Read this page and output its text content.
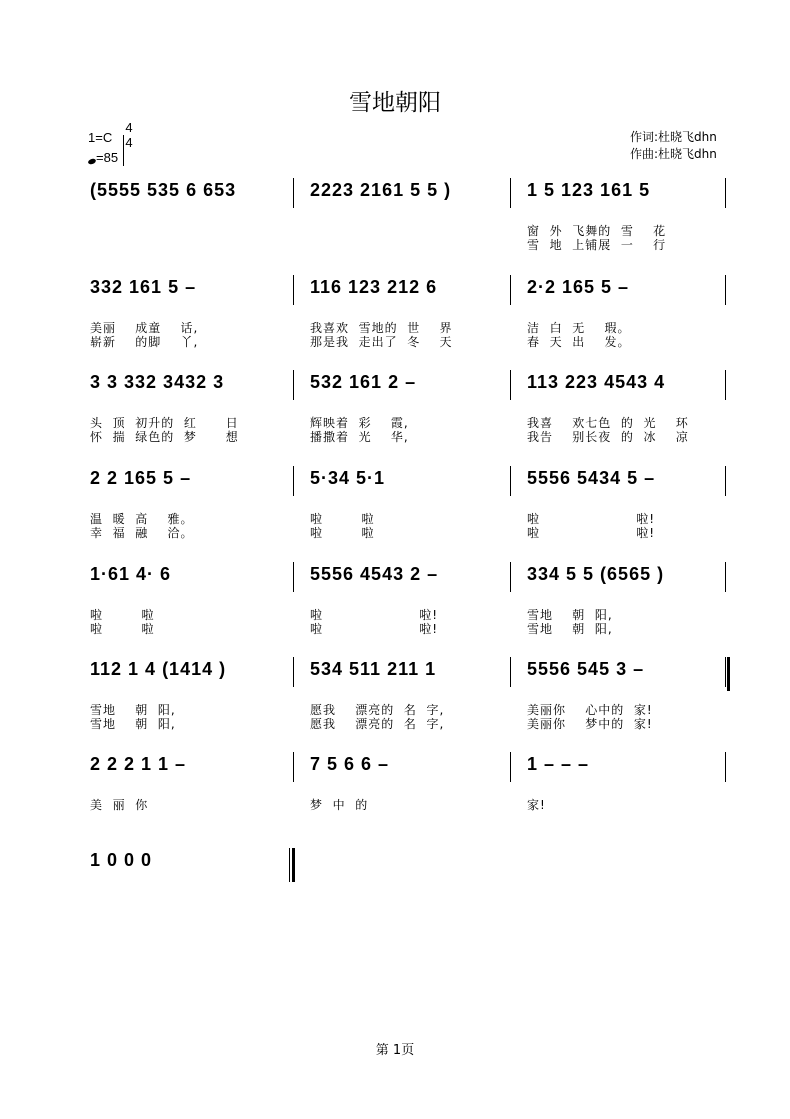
雪地朝阳
1=C
4
4
=85
作词:杜晓飞dhn
作曲:杜晓飞dhn
(5555 535 6 653	2223 2161 5 5 )	1 5 123 161 5
窗  外  飞舞的  雪    花
雪  地  上铺展  一    行
332 161 5 –
美丽    成童    话,
崭新    的脚    丫,
116 123 212 6
我喜欢  雪地的  世    界
那是我  走出了  冬    天
2·2 165 5 –
洁  白  无    瑕。
春  天  出    发。
3 3 332 3432 3
头  顶  初升的  红      日
怀  揣  绿色的  梦      想
532 161 2 –
辉映着  彩    霞,
播撒着  光    华,
113 223 4543 4
我喜    欢七色  的  光    环
我告    别长夜  的  冰    凉
2 2 165 5 –
温  暖  高    雅。
幸  福  融    洽。
5·34 5·1
啦        啦
啦        啦
5556 5434 5 –
啦                    啦!
啦                    啦!
1·61 4· 6
啦        啦
啦        啦
5556 4543 2 –
啦                    啦!
啦                    啦!
334 5 5 (6565 )
雪地    朝  阳,
雪地    朝  阳,
112 1 4 (1414 )
雪地    朝  阳,
雪地    朝  阳,
534 511 211 1
愿我    漂亮的  名  字,
愿我    漂亮的  名  字,
5556 545 3 –
美丽你    心中的  家!
美丽你    梦中的  家!
2 2 2 1 1 –
美  丽  你
7 5 6 6 –
梦  中  的
1 – – –
家!
1 0 0 0
第 1页
